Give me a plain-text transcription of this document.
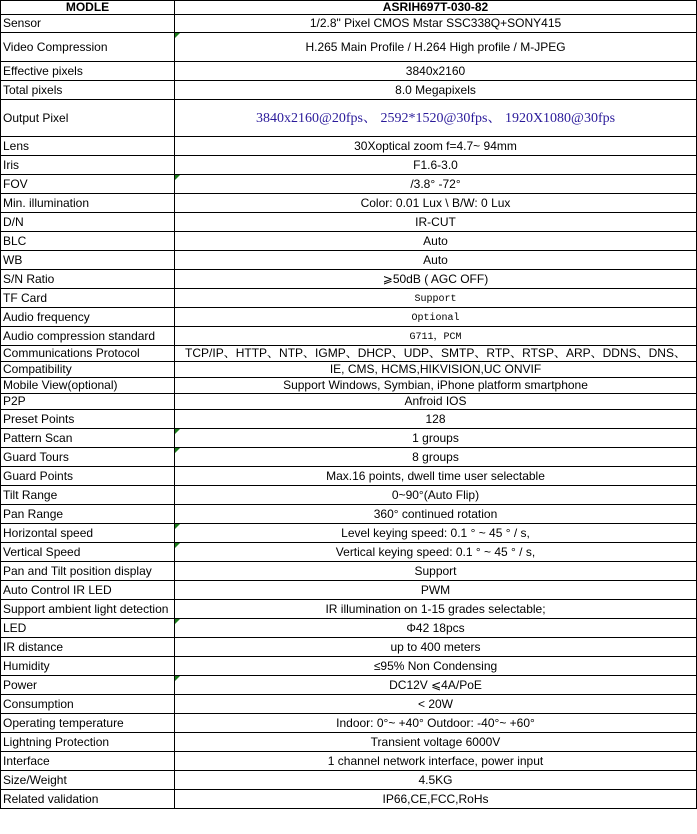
MODLE	ASRIH697T-030-82
Sensor	1/2.8" Pixel CMOS Mstar SSC338Q+SONY415
Video Compression	H.265 Main Profile / H.264 High profile / M-JPEG
Effective pixels	3840x2160
Total pixels	8.0 Megapixels
Output Pixel	3840x2160@20fps、 2592*1520@30fps、 1920X1080@30fps
Lens	30Xoptical zoom f=4.7~ 94mm
Iris	F1.6-3.0
FOV	/3.8° -72°
Min. illumination	Color: 0.01 Lux \ B/W: 0 Lux
D/N	IR-CUT
BLC	Auto
WB	Auto
S/N Ratio	⩾50dB ( AGC OFF)
TF Card	Support
Audio frequency	Optional
Audio compression standard	G711，PCM
Communications Protocol	TCP/IP、HTTP、NTP、IGMP、DHCP、UDP、SMTP、RTP、RTSP、ARP、DDNS、DNS、
Compatibility	IE, CMS, HCMS,HIKVISION,UC ONVIF
Mobile View(optional)	Support Windows, Symbian, iPhone platform smartphone
P2P	Anfroid IOS
Preset Points	128
Pattern Scan	1 groups
Guard Tours	8 groups
Guard Points	Max.16 points, dwell time user selectable
Tilt Range	0~90°(Auto Flip)
Pan Range	360° continued rotation
Horizontal speed	Level keying speed: 0.1 ° ~ 45 ° / s,
Vertical Speed	Vertical keying speed: 0.1 ° ~ 45 ° / s,
Pan and Tilt position display	Support
Auto Control IR LED	PWM
Support ambient light detection	IR illumination on 1-15 grades selectable;
LED	Φ42 18pcs
IR distance	up to 400 meters
Humidity	≤95% Non Condensing
Power	DC12V ⩽4A/PoE
Consumption	< 20W
Operating temperature	Indoor: 0°~ +40° Outdoor: -40°~ +60°
Lightning Protection	Transient voltage 6000V
Interface	1 channel network interface, power input
Size/Weight	4.5KG
Related validation	IP66,CE,FCC,RoHs
